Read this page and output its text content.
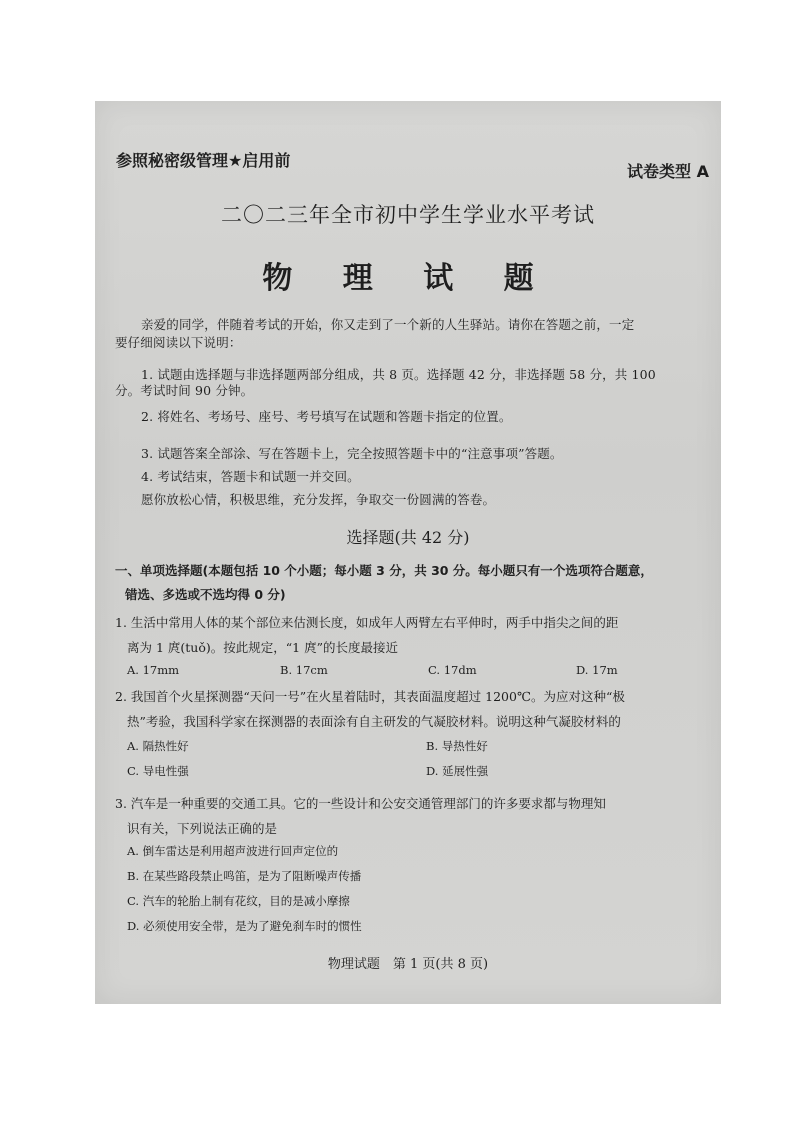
参照秘密级管理★启用前
试卷类型 A
二〇二三年全市初中学生学业水平考试
物 理 试 题
亲爱的同学，伴随着考试的开始，你又走到了一个新的人生驿站。请你在答题之前，一定
要仔细阅读以下说明：
1. 试题由选择题与非选择题两部分组成，共 8 页。选择题 42 分，非选择题 58 分，共 100
分。考试时间 90 分钟。
2. 将姓名、考场号、座号、考号填写在试题和答题卡指定的位置。
3. 试题答案全部涂、写在答题卡上，完全按照答题卡中的“注意事项”答题。
4. 考试结束，答题卡和试题一并交回。
愿你放松心情，积极思维，充分发挥，争取交一份圆满的答卷。
选择题(共 42 分)
一、单项选择题(本题包括 10 个小题；每小题 3 分，共 30 分。每小题只有一个选项符合题意，
错选、多选或不选均得 0 分)
1. 生活中常用人体的某个部位来估测长度，如成年人两臂左右平伸时，两手中指尖之间的距
离为 1 庹(tuǒ)。按此规定，“1 庹”的长度最接近
A. 17mm	B. 17cm	C. 17dm	D. 17m
2. 我国首个火星探测器“天问一号”在火星着陆时，其表面温度超过 1200℃。为应对这种“极
热”考验，我国科学家在探测器的表面涂有自主研发的气凝胶材料。说明这种气凝胶材料的
A. 隔热性好	B. 导热性好
C. 导电性强	D. 延展性强
3. 汽车是一种重要的交通工具。它的一些设计和公安交通管理部门的许多要求都与物理知
识有关，下列说法正确的是
A. 倒车雷达是利用超声波进行回声定位的
B. 在某些路段禁止鸣笛，是为了阻断噪声传播
C. 汽车的轮胎上制有花纹，目的是减小摩擦
D. 必须使用安全带，是为了避免刹车时的惯性
物理试题　第 1 页(共 8 页)
